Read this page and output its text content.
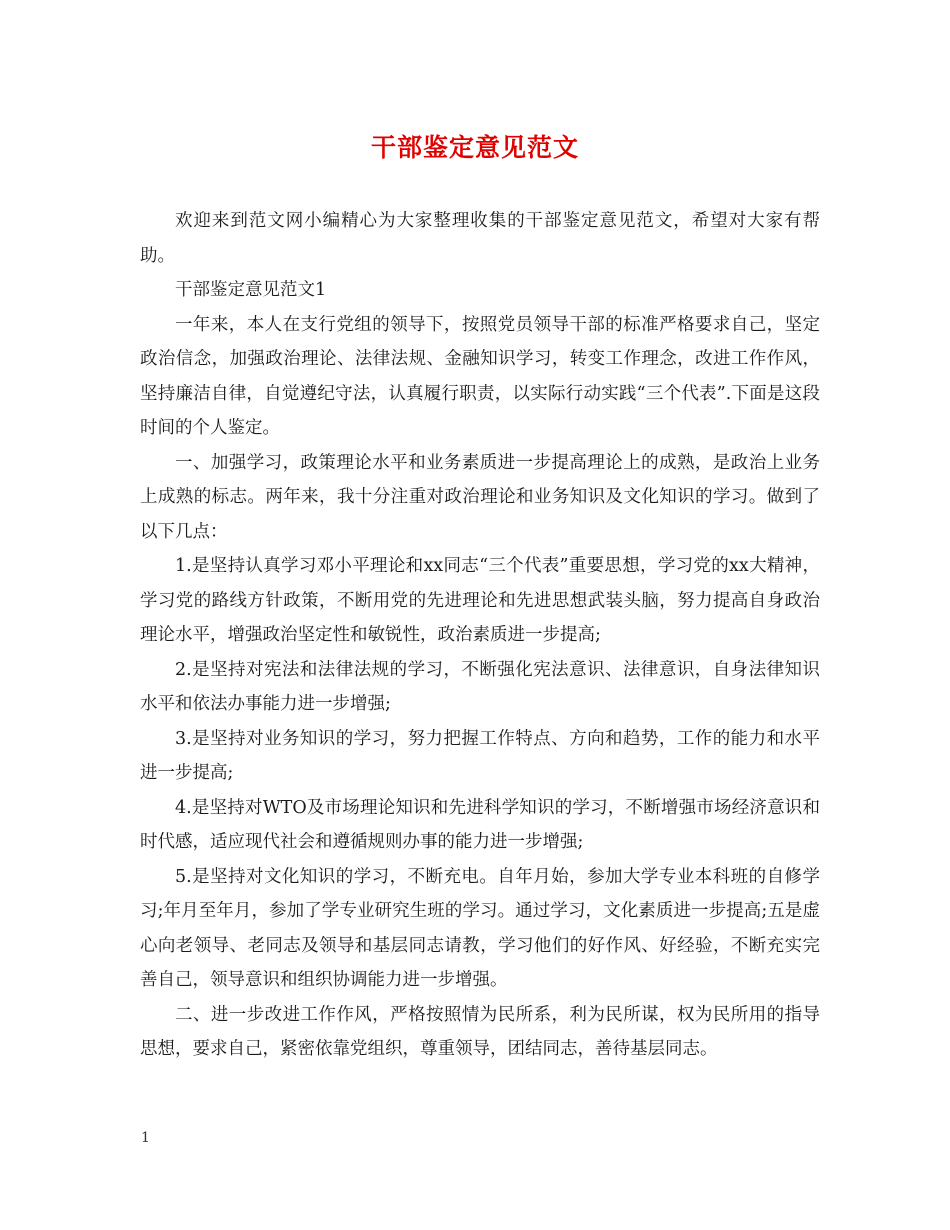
干部鉴定意见范文

欢迎来到范文网小编精心为大家整理收集的干部鉴定意见范文，希望对大家有帮助。

干部鉴定意见范文1

一年来，本人在支行党组的领导下，按照党员领导干部的标准严格要求自己，坚定政治信念，加强政治理论、法律法规、金融知识学习，转变工作理念，改进工作作风，坚持廉洁自律，自觉遵纪守法，认真履行职责，以实际行动实践“三个代表”.下面是这段时间的个人鉴定。

一、加强学习，政策理论水平和业务素质进一步提高理论上的成熟，是政治上业务上成熟的标志。两年来，我十分注重对政治理论和业务知识及文化知识的学习。做到了以下几点：

1.是坚持认真学习邓小平理论和xx同志“三个代表”重要思想，学习党的xx大精神，学习党的路线方针政策，不断用党的先进理论和先进思想武装头脑，努力提高自身政治理论水平，增强政治坚定性和敏锐性，政治素质进一步提高;

2.是坚持对宪法和法律法规的学习，不断强化宪法意识、法律意识，自身法律知识水平和依法办事能力进一步增强;

3.是坚持对业务知识的学习，努力把握工作特点、方向和趋势，工作的能力和水平进一步提高;

4.是坚持对WTO及市场理论知识和先进科学知识的学习，不断增强市场经济意识和时代感，适应现代社会和遵循规则办事的能力进一步增强;

5.是坚持对文化知识的学习，不断充电。自年月始，参加大学专业本科班的自修学习;年月至年月，参加了学专业研究生班的学习。通过学习，文化素质进一步提高;五是虚心向老领导、老同志及领导和基层同志请教，学习他们的好作风、好经验，不断充实完善自己，领导意识和组织协调能力进一步增强。

二、进一步改进工作作风，严格按照情为民所系，利为民所谋，权为民所用的指导思想，要求自己，紧密依靠党组织，尊重领导，团结同志，善待基层同志。

1
